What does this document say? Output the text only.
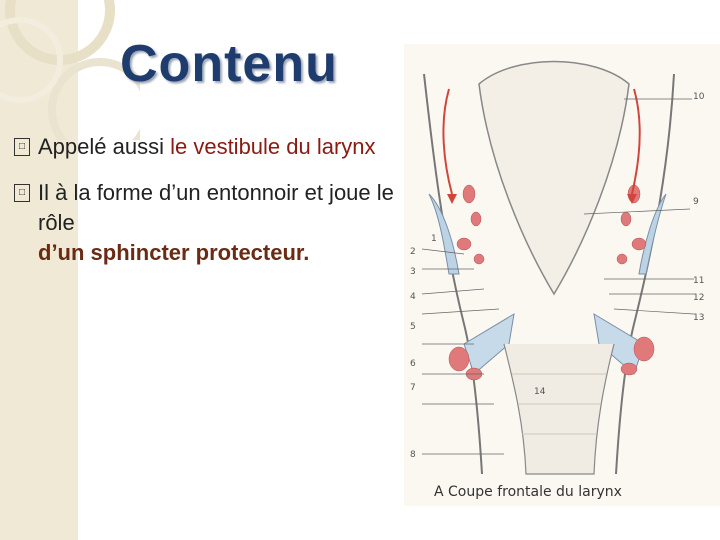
Contenu
□ Appelé aussi le vestibule du larynx
□ Il à la forme d’un entonnoir et joue le rôle
d’un sphincter protecteur.
1
2
3
4
5
6
7
8
9
10
11
12
13
14
A Coupe frontale du larynx
